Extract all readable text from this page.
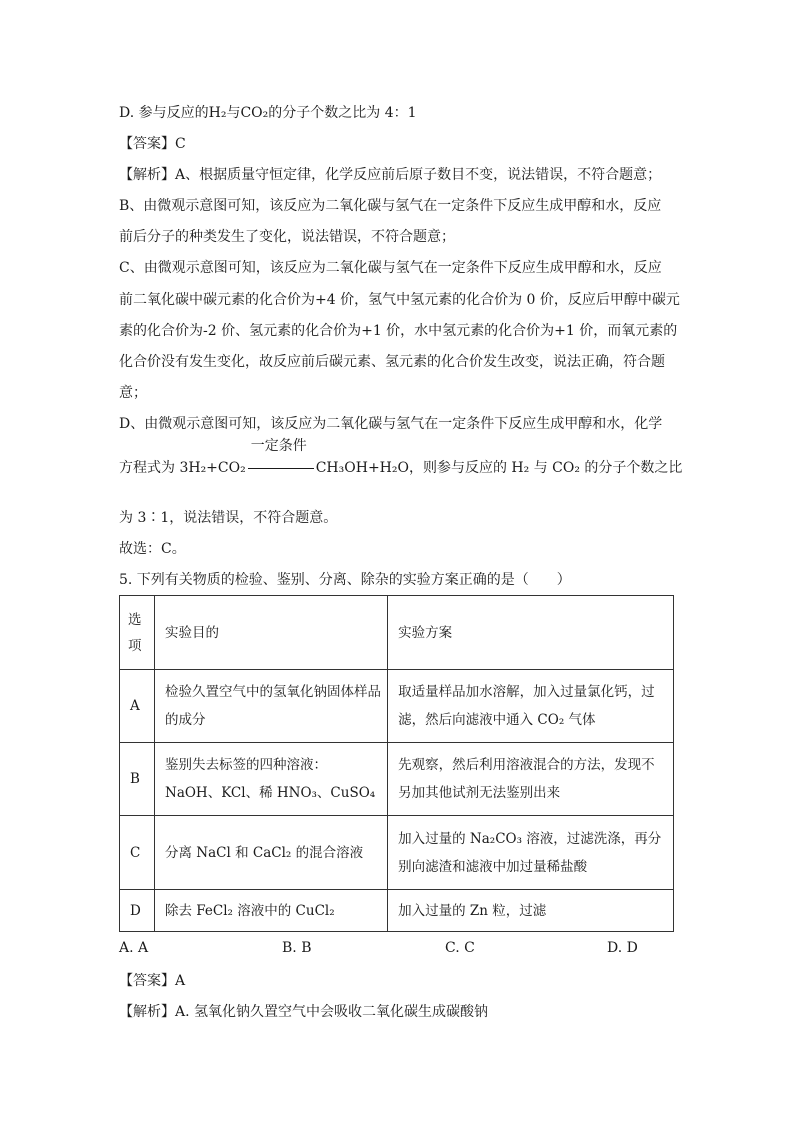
D. 参与反应的H₂与CO₂的分子个数之比为 4：1
【答案】C
【解析】A、根据质量守恒定律，化学反应前后原子数目不变，说法错误，不符合题意；
B、由微观示意图可知，该反应为二氧化碳与氢气在一定条件下反应生成甲醇和水，反应
前后分子的种类发生了变化，说法错误，不符合题意；
C、由微观示意图可知，该反应为二氧化碳与氢气在一定条件下反应生成甲醇和水，反应
前二氧化碳中碳元素的化合价为+4 价，氢气中氢元素的化合价为 0 价，反应后甲醇中碳元
素的化合价为-2 价、氢元素的化合价为+1 价，水中氢元素的化合价为+1 价，而氧元素的
化合价没有发生变化，故反应前后碳元素、氢元素的化合价发生改变，说法正确，符合题
意；
D、由微观示意图可知，该反应为二氧化碳与氢气在一定条件下反应生成甲醇和水，化学
方程式为 3H₂+CO₂
一定条件
CH₃OH+H₂O，则参与反应的 H₂ 与 CO₂ 的分子个数之比
为 3∶1，说法错误，不符合题意。
故选：C。
5. 下列有关物质的检验、鉴别、分离、除杂的实验方案正确的是（　　）
选项	实验目的	实验方案
A	检验久置空气中的氢氧化钠固体样品的成分	取适量样品加水溶解，加入过量氯化钙，过滤，然后向滤液中通入 CO₂ 气体
B	鉴别失去标签的四种溶液：NaOH、KCl、稀 HNO₃、CuSO₄	先观察，然后利用溶液混合的方法，发现不另加其他试剂无法鉴别出来
C	分离 NaCl 和 CaCl₂ 的混合溶液	加入过量的 Na₂CO₃ 溶液，过滤洗涤，再分别向滤渣和滤液中加过量稀盐酸
D	除去 FeCl₂ 溶液中的 CuCl₂	加入过量的 Zn 粒，过滤
A. A	B. B	C. C	D. D
【答案】A
【解析】A. 氢氧化钠久置空气中会吸收二氧化碳生成碳酸钠
